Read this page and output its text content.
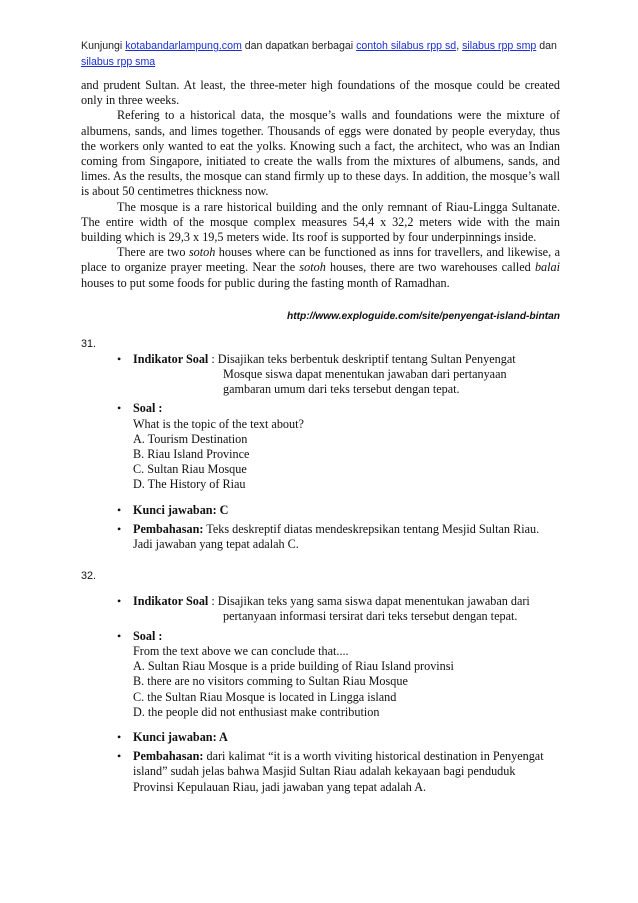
Kunjungi kotabandarlampung.com dan dapatkan berbagai contoh silabus rpp sd, silabus rpp smp dan
silabus rpp sma

and prudent Sultan. At least, the three-meter high foundations of the mosque could be created only in three weeks.

Refering to a historical data, the mosque’s walls and foundations were the mixture of albumens, sands, and limes together. Thousands of eggs were donated by people everyday, thus the workers only wanted to eat the yolks. Knowing such a fact, the architect, who was an Indian coming from Singapore, initiated to create the walls from the mixtures of albumens, sands, and limes. As the results, the mosque can stand firmly up to these days. In addition, the mosque’s wall is about 50 centimetres thickness now.

The mosque is a rare historical building and the only remnant of Riau-Lingga Sultanate. The entire width of the mosque complex measures 54,4 x 32,2 meters wide with the main building which is 29,3 x 19,5 meters wide. Its roof is supported by four underpinnings inside.

There are two sotoh houses where can be functioned as inns for travellers, and likewise, a place to organize prayer meeting. Near the sotoh houses, there are two warehouses called balai houses to put some foods for public during the fasting month of Ramadhan.

http://www.exploguide.com/site/penyengat-island-bintan
31.
• Indikator Soal : Disajikan teks berbentuk deskriptif tentang Sultan Penyengat
Mosque siswa dapat menentukan jawaban dari pertanyaan
gambaran umum dari teks tersebut dengan tepat.
• Soal :
What is the topic of the text about?
A. Tourism Destination
B. Riau Island Province
C. Sultan Riau Mosque
D. The History of Riau
• Kunci jawaban: C
• Pembahasan: Teks deskreptif diatas mendeskrepsikan tentang Mesjid Sultan Riau.
Jadi jawaban yang tepat adalah C.
32.
• Indikator Soal : Disajikan teks yang sama siswa dapat menentukan jawaban dari
pertanyaan informasi tersirat dari teks tersebut dengan tepat.
• Soal :
From the text above we can conclude that....
A. Sultan Riau Mosque is a pride building of Riau Island provinsi
B. there are no visitors comming to Sultan Riau Mosque
C. the Sultan Riau Mosque is located in Lingga island
D. the people did not enthusiast make contribution
• Kunci jawaban: A
• Pembahasan: dari kalimat “it is a worth viviting historical destination in Penyengat
island” sudah jelas bahwa Masjid Sultan Riau adalah kekayaan bagi penduduk
Provinsi Kepulauan Riau, jadi jawaban yang tepat adalah A.
